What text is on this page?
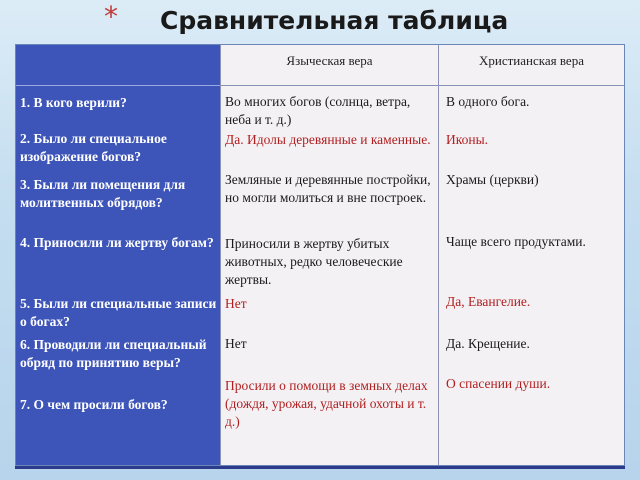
* Сравнительная таблица
1. В кого верили?
2. Было ли специальное изображение богов?
3. Были ли помещения для молитвенных обрядов?
4. Приносили ли жертву богам?
5. Были ли специальные записи о богах?
6. Проводили ли специальный обряд по принятию веры?
7. О чем просили богов?
Языческая вера
Во многих богов (солнца, ветра, неба и т. д.)
Да. Идолы деревянные и каменные.
Земляные и деревянные постройки, но могли молиться и вне построек.
Приносили в жертву убитых животных, редко человеческие жертвы.
Нет
Нет
Просили о помощи в земных делах (дождя, урожая, удачной охоты и т. д.)
Христианская вера
В одного бога.
Иконы.
Храмы (церкви)
Чаще всего продуктами.
Да, Евангелие.
Да. Крещение.
О спасении души.
